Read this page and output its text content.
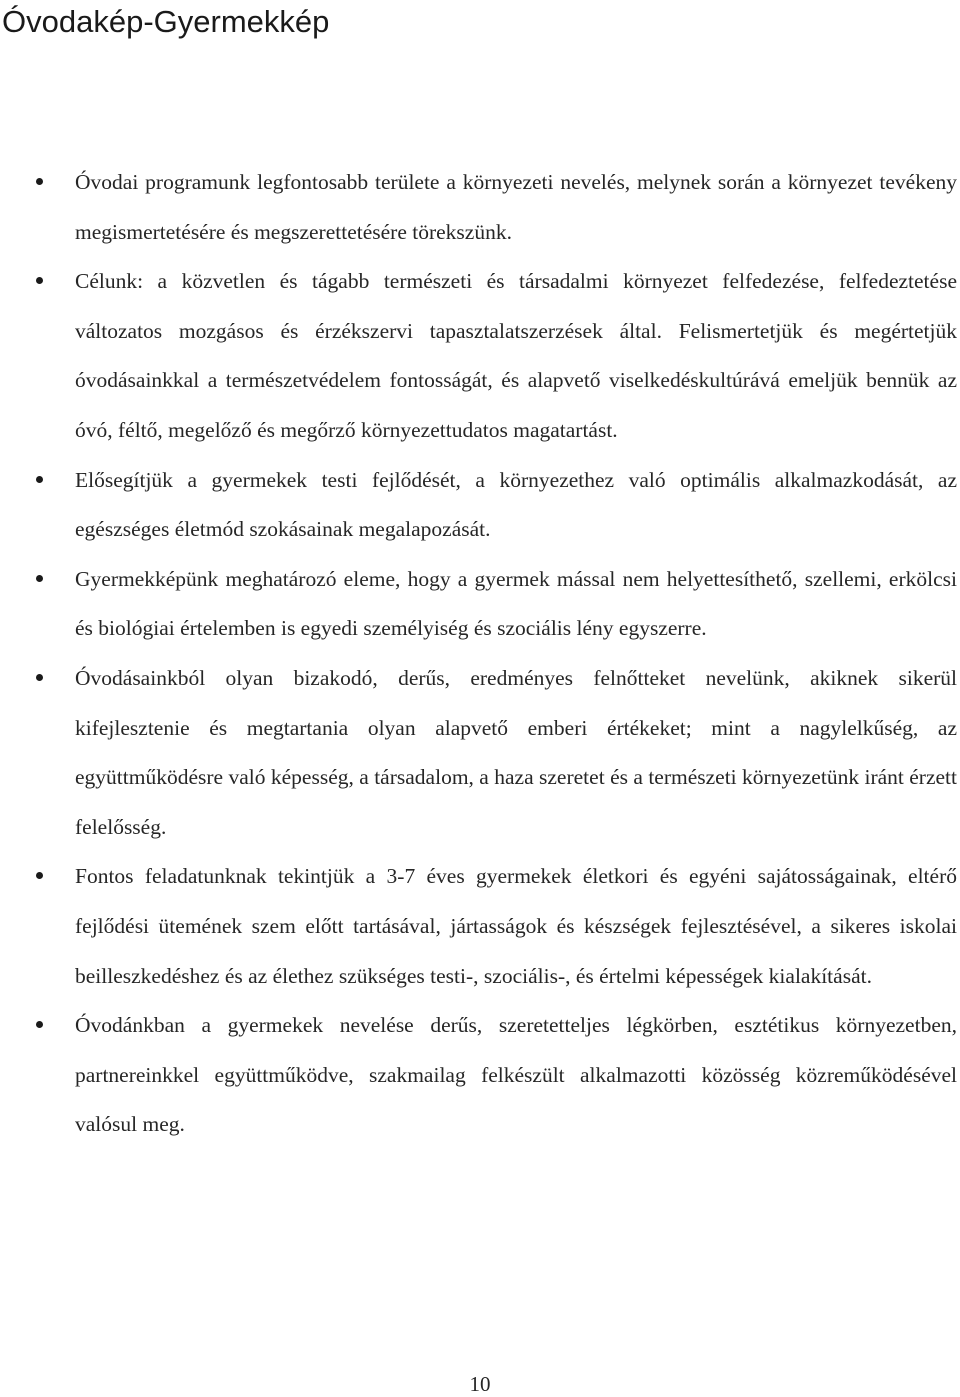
Óvodakép-Gyermekkép
Óvodai programunk legfontosabb területe a környezeti nevelés, melynek során a környezet tevékeny megismertetésére és megszerettetésére törekszünk.
Célunk: a közvetlen és tágabb természeti és társadalmi környezet felfedezése, felfedeztetése változatos mozgásos és érzékszervi tapasztalatszerzések által. Felismertetjük és megértetjük óvodásainkkal a természetvédelem fontosságát, és alapvető viselkedéskultúrává emeljük bennük az óvó, féltő, megelőző és megőrző környezettudatos magatartást.
Elősegítjük a gyermekek testi fejlődését, a környezethez való optimális alkalmazkodását, az egészséges életmód szokásainak megalapozását.
Gyermekképünk meghatározó eleme, hogy a gyermek mással nem helyettesíthető, szellemi, erkölcsi és biológiai értelemben is egyedi személyiség és szociális lény egyszerre.
Óvodásainkból olyan bizakodó, derűs, eredményes felnőtteket nevelünk, akiknek sikerül kifejlesztenie és megtartania olyan alapvető emberi értékeket; mint a nagylelkűség, az együttműködésre való képesség, a társadalom, a haza szeretet és a természeti környezetünk iránt érzett felelősség.
Fontos feladatunknak tekintjük a 3-7 éves gyermekek életkori és egyéni sajátosságainak, eltérő fejlődési ütemének szem előtt tartásával, jártasságok és készségek fejlesztésével, a sikeres iskolai beilleszkedéshez és az élethez szükséges testi-, szociális-, és értelmi képességek kialakítását.
Óvodánkban a gyermekek nevelése derűs, szeretetteljes légkörben, esztétikus környezetben, partnereinkkel együttműködve, szakmailag felkészült alkalmazotti közösség közreműködésével valósul meg.
10
